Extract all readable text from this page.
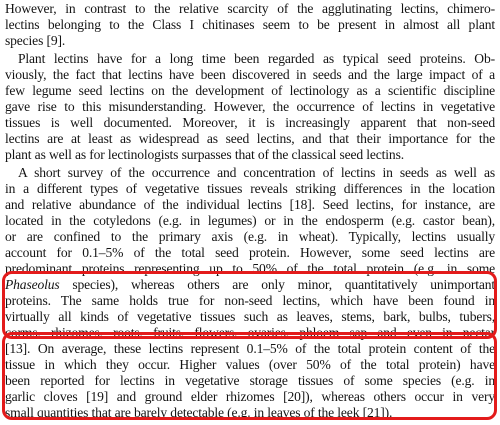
However, in contrast to the relative scarcity of the agglutinating lectins, chimero-
lectins belonging to the Class I chitinases seem to be present in almost all plant
species [9].
Plant lectins have for a long time been regarded as typical seed proteins. Ob-
viously, the fact that lectins have been discovered in seeds and the large impact of a
few legume seed lectins on the development of lectinology as a scientific discipline
gave rise to this misunderstanding. However, the occurrence of lectins in vegetative
tissues is well documented. Moreover, it is increasingly apparent that non-seed
lectins are at least as widespread as seed lectins, and that their importance for the
plant as well as for lectinologists surpasses that of the classical seed lectins.
A short survey of the occurrence and concentration of lectins in seeds as well as
in a different types of vegetative tissues reveals striking differences in the location
and relative abundance of the individual lectins [18]. Seed lectins, for instance, are
located in the cotyledons (e.g. in legumes) or in the endosperm (e.g. castor bean),
or are confined to the primary axis (e.g. in wheat). Typically, lectins usually
account for 0.1–5% of the total seed protein. However, some seed lectins are
predominant proteins representing up to 50% of the total protein (e.g. in some
Phaseolus species), whereas others are only minor, quantitatively unimportant
proteins. The same holds true for non-seed lectins, which have been found in
virtually all kinds of vegetative tissues such as leaves, stems, bark, bulbs, tubers,
corms, rhizomes, roots, fruits, flowers, ovaries, phloem sap and even in nectar
[13]. On average, these lectins represent 0.1–5% of the total protein content of the
tissue in which they occur. Higher values (over 50% of the total protein) have
been reported for lectins in vegetative storage tissues of some species (e.g. in
garlic cloves [19] and ground elder rhizomes [20]), whereas others occur in very
small quantities that are barely detectable (e.g. in leaves of the leek [21]).
